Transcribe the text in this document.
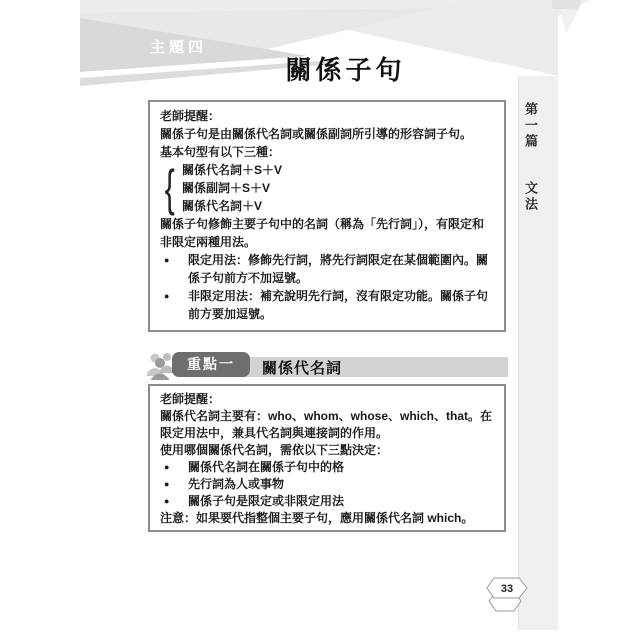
主題四
關係子句
第一篇 文法
老師提醒：
關係子句是由關係代名詞或關係副詞所引導的形容詞子句。
基本句型有以下三種：
{ 關係代名詞＋S＋V
關係副詞＋S＋V
關係代名詞＋V
關係子句修飾主要子句中的名詞（稱為「先行詞」），有限定和非限定兩種用法。
●	限定用法：修飾先行詞，將先行詞限定在某個範圍內。關係子句前方不加逗號。
●	非限定用法：補充說明先行詞，沒有限定功能。關係子句前方要加逗號。
重點一	關係代名詞
老師提醒：
關係代名詞主要有：who、whom、whose、which、that。在限定用法中，兼具代名詞與連接詞的作用。
使用哪個關係代名詞，需依以下三點決定：
●	關係代名詞在關係子句中的格
●	先行詞為人或事物
●	關係子句是限定或非限定用法
注意：如果要代指整個主要子句，應用關係代名詞 which。
33
